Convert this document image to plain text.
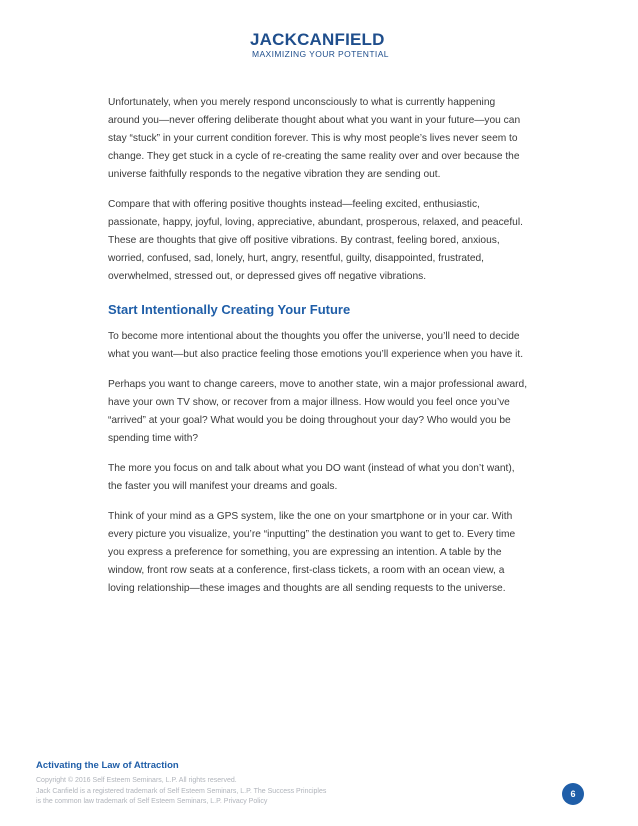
JACKCANFIELD
MAXIMIZING YOUR POTENTIAL

Unfortunately, when you merely respond unconsciously to what is currently happening around you—never offering deliberate thought about what you want in your future—you can stay “stuck” in your current condition forever. This is why most people’s lives never seem to change. They get stuck in a cycle of re-creating the same reality over and over because the universe faithfully responds to the negative vibration they are sending out.

Compare that with offering positive thoughts instead—feeling excited, enthusiastic, passionate, happy, joyful, loving, appreciative, abundant, prosperous, relaxed, and peaceful. These are thoughts that give off positive vibrations. By contrast, feeling bored, anxious, worried, confused, sad, lonely, hurt, angry, resentful, guilty, disappointed, frustrated, overwhelmed, stressed out, or depressed gives off negative vibrations.

Start Intentionally Creating Your Future

To become more intentional about the thoughts you offer the universe, you’ll need to decide what you want—but also practice feeling those emotions you’ll experience when you have it.

Perhaps you want to change careers, move to another state, win a major professional award, have your own TV show, or recover from a major illness. How would you feel once you’ve “arrived” at your goal? What would you be doing throughout your day? Who would you be spending time with?

The more you focus on and talk about what you DO want (instead of what you don’t want), the faster you will manifest your dreams and goals.

Think of your mind as a GPS system, like the one on your smartphone or in your car. With every picture you visualize, you’re “inputting” the destination you want to get to. Every time you express a preference for something, you are expressing an intention. A table by the window, front row seats at a conference, first-class tickets, a room with an ocean view, a loving relationship—these images and thoughts are all sending requests to the universe.

Activating the Law of Attraction

Copyright © 2016 Self Esteem Seminars, L.P. All rights reserved.
Jack Canfield is a registered trademark of Self Esteem Seminars, L.P. The Success Principles
is the common law trademark of Self Esteem Seminars, L.P. Privacy Policy
6
